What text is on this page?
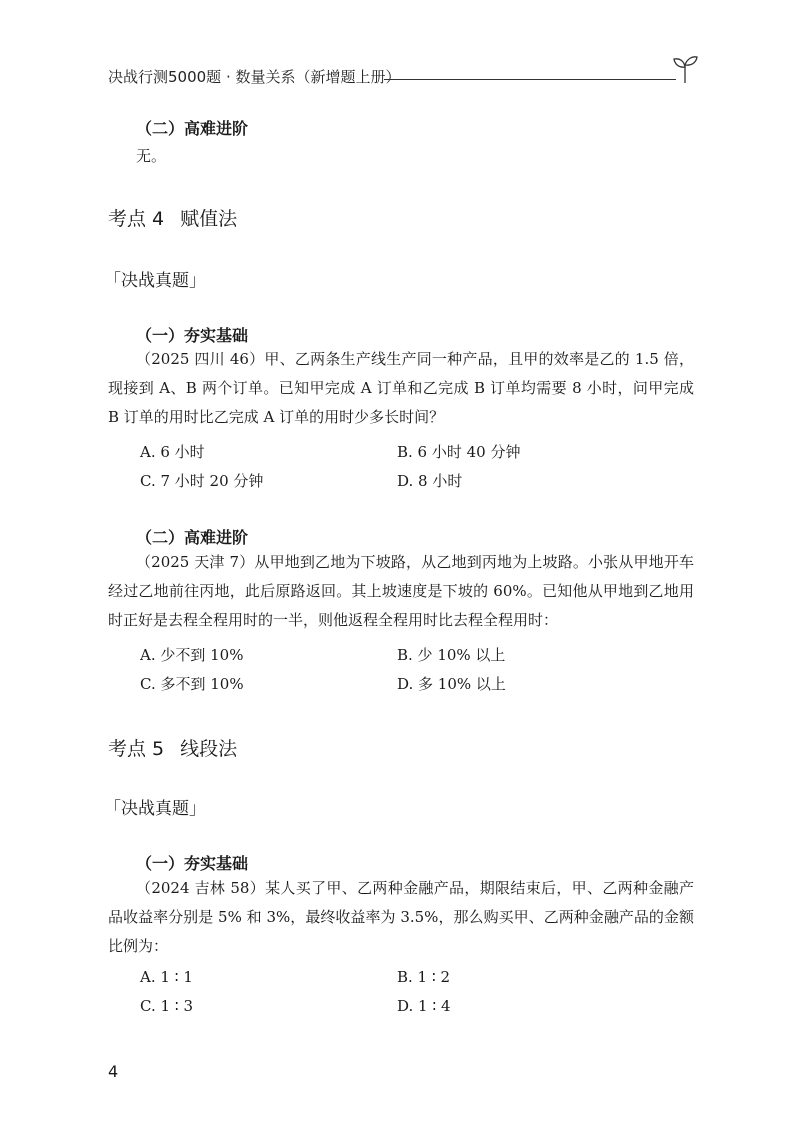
决战行测5000题 · 数量关系（新增题上册）
（二）高难进阶
无。
考点 4 赋值法
「决战真题」
（一）夯实基础
（2025 四川 46）甲、乙两条生产线生产同一种产品，且甲的效率是乙的 1.5 倍，现接到 A、B 两个订单。已知甲完成 A 订单和乙完成 B 订单均需要 8 小时，问甲完成 B 订单的用时比乙完成 A 订单的用时少多长时间？
A. 6 小时	B. 6 小时 40 分钟
C. 7 小时 20 分钟	D. 8 小时
（二）高难进阶
（2025 天津 7）从甲地到乙地为下坡路，从乙地到丙地为上坡路。小张从甲地开车经过乙地前往丙地，此后原路返回。其上坡速度是下坡的 60%。已知他从甲地到乙地用时正好是去程全程用时的一半，则他返程全程用时比去程全程用时：
A. 少不到 10%	B. 少 10% 以上
C. 多不到 10%	D. 多 10% 以上
考点 5 线段法
「决战真题」
（一）夯实基础
（2024 吉林 58）某人买了甲、乙两种金融产品，期限结束后，甲、乙两种金融产品收益率分别是 5% 和 3%，最终收益率为 3.5%，那么购买甲、乙两种金融产品的金额比例为：
A. 1 ∶ 1	B. 1 ∶ 2
C. 1 ∶ 3	D. 1 ∶ 4
4
